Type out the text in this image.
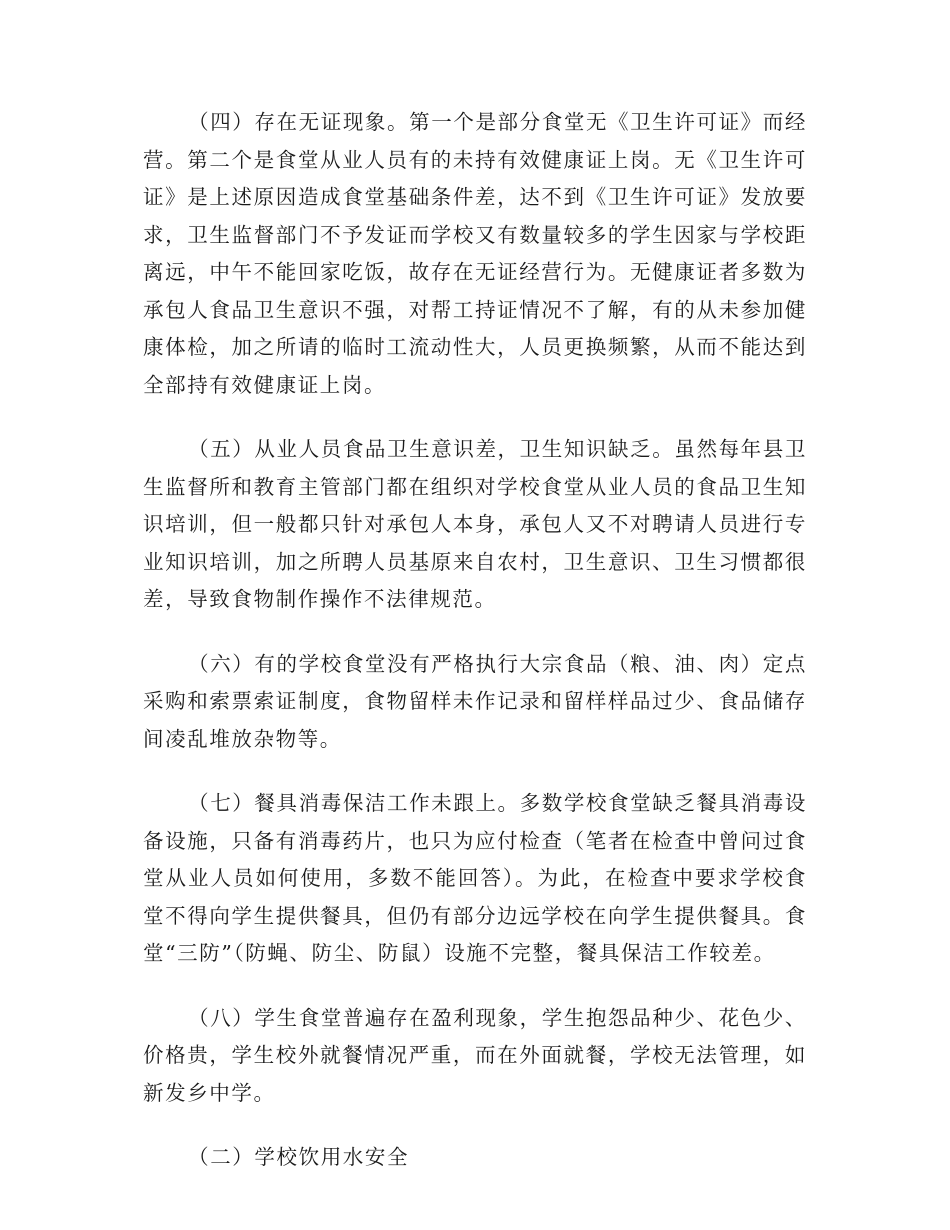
（四）存在无证现象。第一个是部分食堂无《卫生许可证》而经营。第二个是食堂从业人员有的未持有效健康证上岗。无《卫生许可证》是上述原因造成食堂基础条件差，达不到《卫生许可证》发放要求，卫生监督部门不予发证而学校又有数量较多的学生因家与学校距离远，中午不能回家吃饭，故存在无证经营行为。无健康证者多数为承包人食品卫生意识不强，对帮工持证情况不了解，有的从未参加健康体检，加之所请的临时工流动性大，人员更换频繁，从而不能达到全部持有效健康证上岗。

（五）从业人员食品卫生意识差，卫生知识缺乏。虽然每年县卫生监督所和教育主管部门都在组织对学校食堂从业人员的食品卫生知识培训，但一般都只针对承包人本身，承包人又不对聘请人员进行专业知识培训，加之所聘人员基原来自农村，卫生意识、卫生习惯都很差，导致食物制作操作不法律规范。

（六）有的学校食堂没有严格执行大宗食品（粮、油、肉）定点采购和索票索证制度，食物留样未作记录和留样样品过少、食品储存间凌乱堆放杂物等。

（七）餐具消毒保洁工作未跟上。多数学校食堂缺乏餐具消毒设备设施，只备有消毒药片，也只为应付检查（笔者在检查中曾问过食堂从业人员如何使用，多数不能回答）。为此，在检查中要求学校食堂不得向学生提供餐具，但仍有部分边远学校在向学生提供餐具。食堂“三防”（防蝇、防尘、防鼠）设施不完整，餐具保洁工作较差。

（八）学生食堂普遍存在盈利现象，学生抱怨品种少、花色少、价格贵，学生校外就餐情况严重，而在外面就餐，学校无法管理，如新发乡中学。

（二）学校饮用水安全
